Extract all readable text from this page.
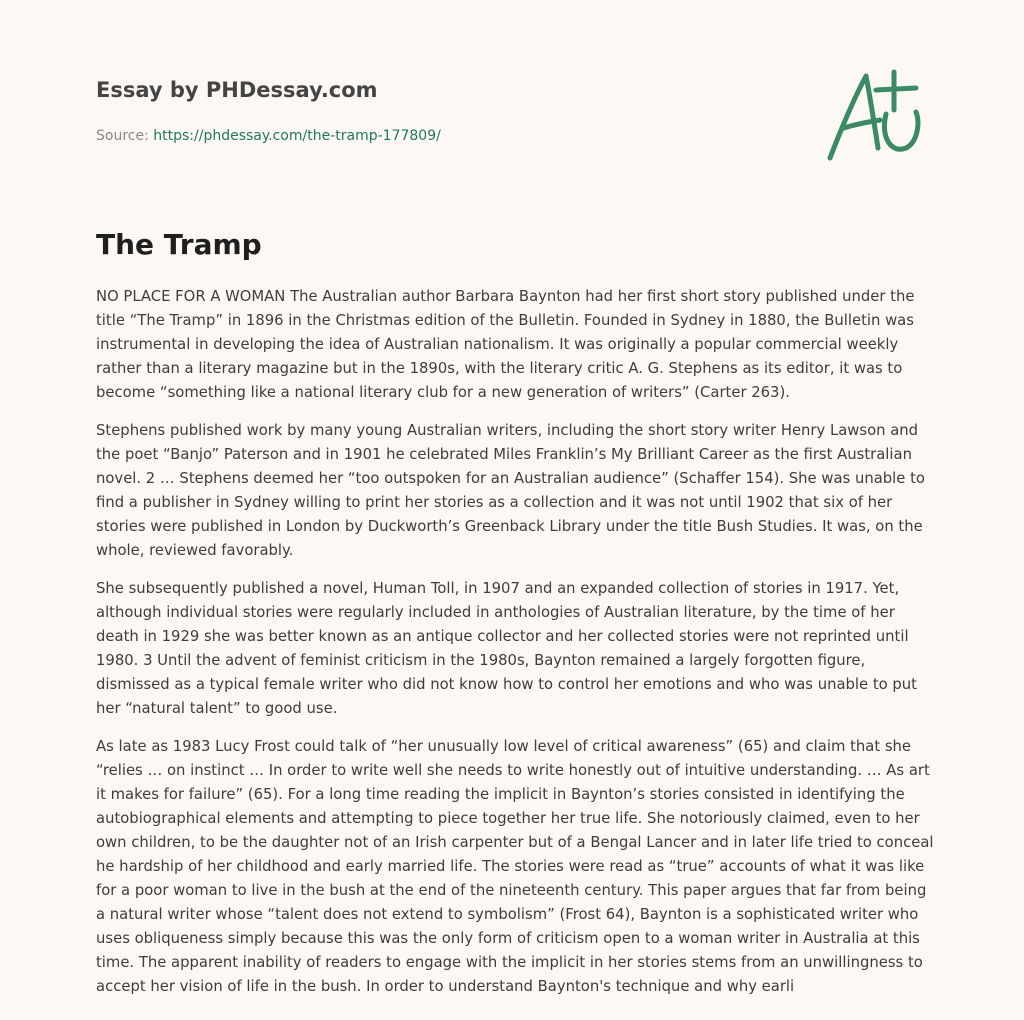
Essay by PHDessay.com
Source: https://phdessay.com/the-tramp-177809/
The Tramp

NO PLACE FOR A WOMAN The Australian author Barbara Baynton had her first short story published under the title “The Tramp” in 1896 in the Christmas edition of the Bulletin. Founded in Sydney in 1880, the Bulletin was instrumental in developing the idea of Australian nationalism. It was originally a popular commercial weekly rather than a literary magazine but in the 1890s, with the literary critic A. G. Stephens as its editor, it was to become “something like a national literary club for a new generation of writers” (Carter 263).

Stephens published work by many young Australian writers, including the short story writer Henry Lawson and the poet “Banjo” Paterson and in 1901 he celebrated Miles Franklin’s My Brilliant Career as the first Australian novel. 2 … Stephens deemed her “too outspoken for an Australian audience” (Schaffer 154). She was unable to find a publisher in Sydney willing to print her stories as a collection and it was not until 1902 that six of her stories were published in London by Duckworth’s Greenback Library under the title Bush Studies. It was, on the whole, reviewed favorably.

She subsequently published a novel, Human Toll, in 1907 and an expanded collection of stories in 1917. Yet, although individual stories were regularly included in anthologies of Australian literature, by the time of her death in 1929 she was better known as an antique collector and her collected stories were not reprinted until 1980. 3 Until the advent of feminist criticism in the 1980s, Baynton remained a largely forgotten figure, dismissed as a typical female writer who did not know how to control her emotions and who was unable to put her “natural talent” to good use.

As late as 1983 Lucy Frost could talk of “her unusually low level of critical awareness” (65) and claim that she “relies … on instinct … In order to write well she needs to write honestly out of intuitive understanding. … As art it makes for failure” (65). For a long time reading the implicit in Baynton’s stories consisted in identifying the autobiographical elements and attempting to piece together her true life. She notoriously claimed, even to her own children, to be the daughter not of an Irish carpenter but of a Bengal Lancer and in later life tried to conceal he hardship of her childhood and early married life. The stories were read as “true” accounts of what it was like for a poor woman to live in the bush at the end of the nineteenth century. This paper argues that far from being a natural writer whose “talent does not extend to symbolism” (Frost 64), Baynton is a sophisticated writer who uses obliqueness simply because this was the only form of criticism open to a woman writer in Australia at this time. The apparent inability of readers to engage with the implicit in her stories stems from an unwillingness to accept her vision of life in the bush. In order to understand Baynton's technique and why earli
